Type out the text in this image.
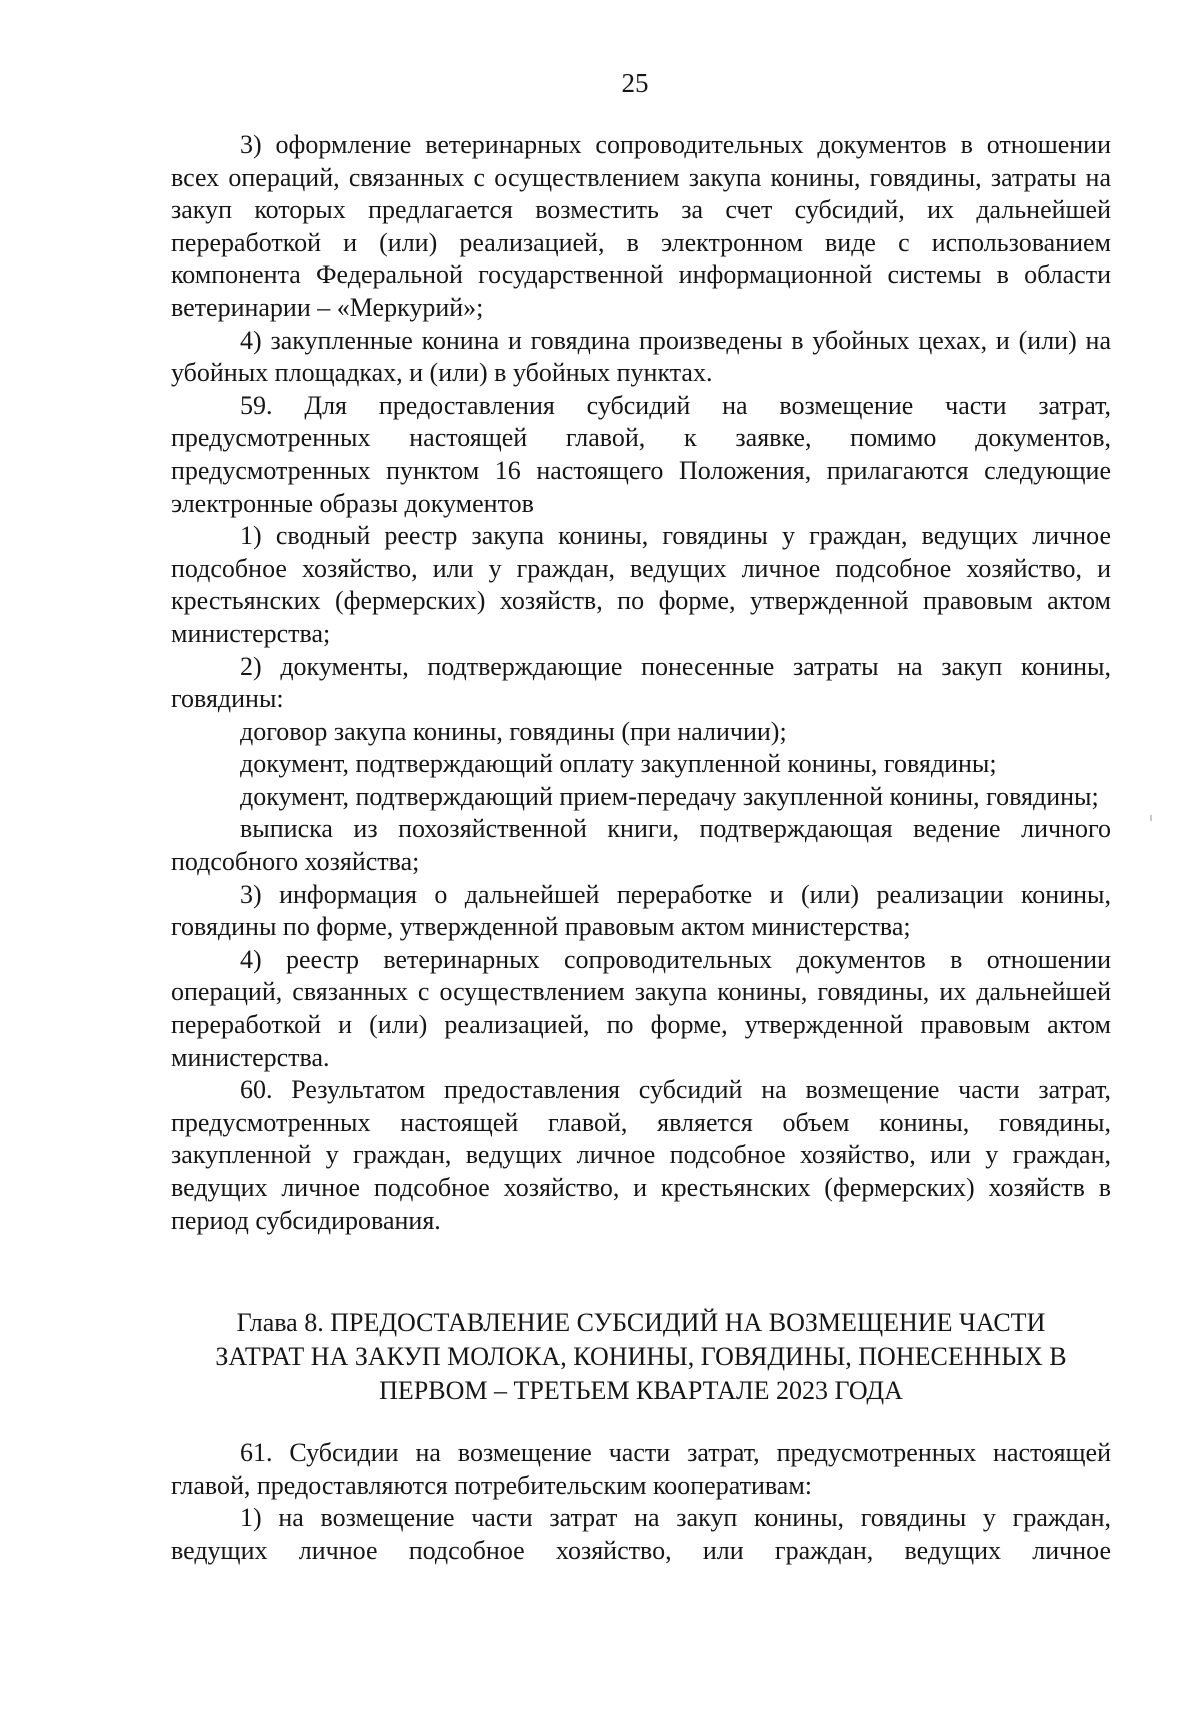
25

3) оформление ветеринарных сопроводительных документов в отношении всех операций, связанных с осуществлением закупа конины, говядины, затраты на закуп которых предлагается возместить за счет субсидий, их дальнейшей переработкой и (или) реализацией, в электронном виде с использованием компонента Федеральной государственной информационной системы в области ветеринарии – «Меркурий»;

4) закупленные конина и говядина произведены в убойных цехах, и (или) на убойных площадках, и (или) в убойных пунктах.

59. Для предоставления субсидий на возмещение части затрат, предусмотренных настоящей главой, к заявке, помимо документов, предусмотренных пунктом 16 настоящего Положения, прилагаются следующие электронные образы документов

1) сводный реестр закупа конины, говядины у граждан, ведущих личное подсобное хозяйство, или у граждан, ведущих личное подсобное хозяйство, и крестьянских (фермерских) хозяйств, по форме, утвержденной правовым актом министерства;

2) документы, подтверждающие понесенные затраты на закуп конины, говядины:

договор закупа конины, говядины (при наличии);

документ, подтверждающий оплату закупленной конины, говядины;

документ, подтверждающий прием-передачу закупленной конины, говядины;

выписка из похозяйственной книги, подтверждающая ведение личного подсобного хозяйства;

3) информация о дальнейшей переработке и (или) реализации конины, говядины по форме, утвержденной правовым актом министерства;

4) реестр ветеринарных сопроводительных документов в отношении операций, связанных с осуществлением закупа конины, говядины, их дальнейшей переработкой и (или) реализацией, по форме, утвержденной правовым актом министерства.

60. Результатом предоставления субсидий на возмещение части затрат, предусмотренных настоящей главой, является объем конины, говядины, закупленной у граждан, ведущих личное подсобное хозяйство, или у граждан, ведущих личное подсобное хозяйство, и крестьянских (фермерских) хозяйств в период субсидирования.

Глава 8. ПРЕДОСТАВЛЕНИЕ СУБСИДИЙ НА ВОЗМЕЩЕНИЕ ЧАСТИ
ЗАТРАТ НА ЗАКУП МОЛОКА, КОНИНЫ, ГОВЯДИНЫ, ПОНЕСЕННЫХ В
ПЕРВОМ – ТРЕТЬЕМ КВАРТАЛЕ 2023 ГОДА

61. Субсидии на возмещение части затрат, предусмотренных настоящей главой, предоставляются потребительским кооперативам:

1) на возмещение части затрат на закуп конины, говядины у граждан, ведущих личное подсобное хозяйство, или граждан, ведущих личное
